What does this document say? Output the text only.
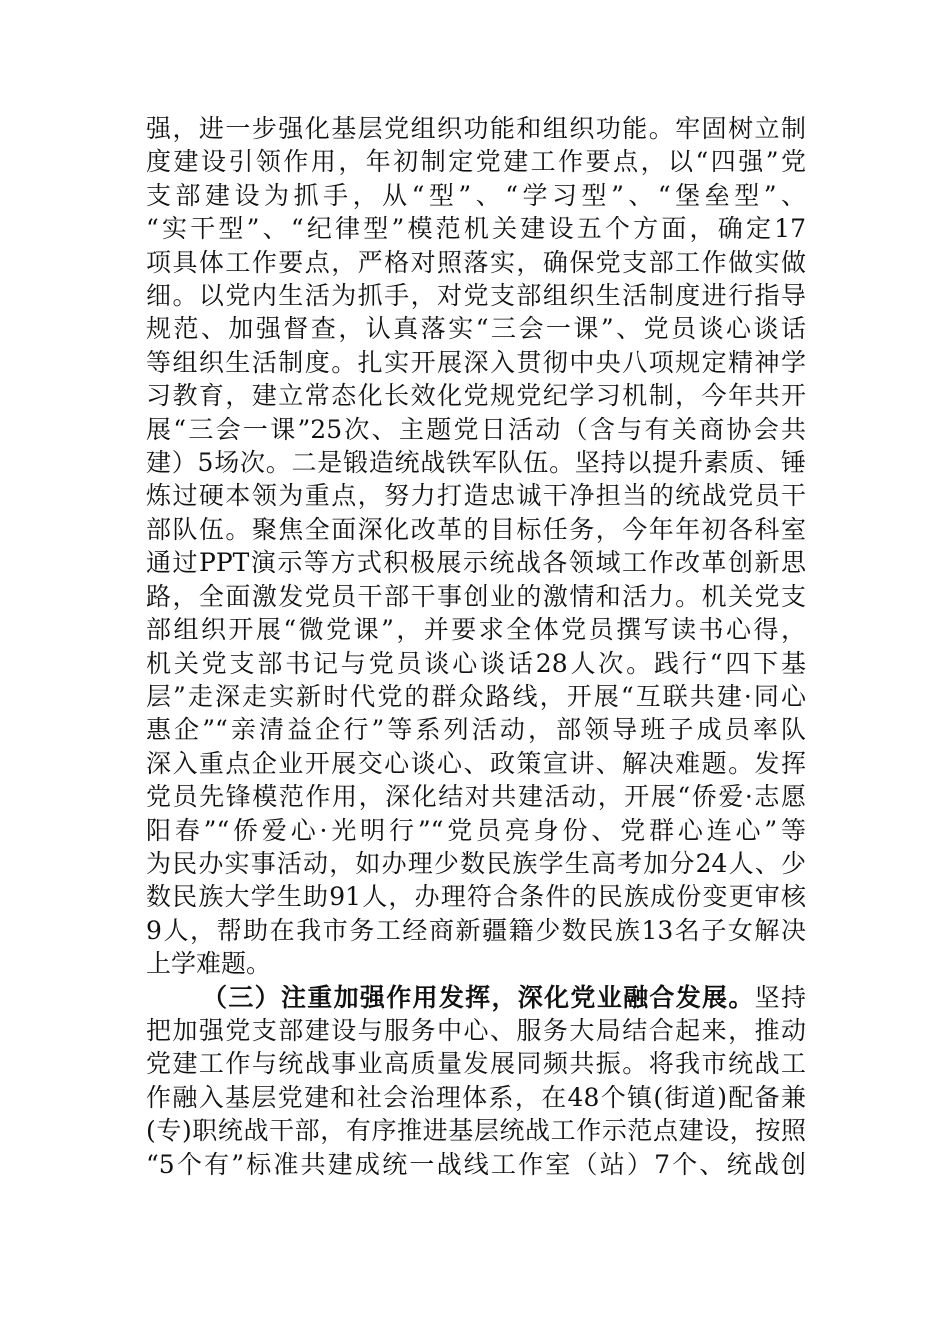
强，进一步强化基层党组织功能和组织功能。牢固树立制
度建设引领作用，年初制定党建工作要点，以“四强”党
支部建设为抓手，从“型”、“学习型”、“堡垒型”、
“实干型”、“纪律型”模范机关建设五个方面，确定17
项具体工作要点，严格对照落实，确保党支部工作做实做
细。以党内生活为抓手，对党支部组织生活制度进行指导
规范、加强督查，认真落实“三会一课”、党员谈心谈话
等组织生活制度。扎实开展深入贯彻中央八项规定精神学
习教育，建立常态化长效化党规党纪学习机制，今年共开
展“三会一课”25次、主题党日活动（含与有关商协会共
建）5场次。二是锻造统战铁军队伍。坚持以提升素质、锤
炼过硬本领为重点，努力打造忠诚干净担当的统战党员干
部队伍。聚焦全面深化改革的目标任务，今年年初各科室
通过PPT演示等方式积极展示统战各领域工作改革创新思
路，全面激发党员干部干事创业的激情和活力。机关党支
部组织开展“微党课”，并要求全体党员撰写读书心得，
机关党支部书记与党员谈心谈话28人次。践行“四下基
层”走深走实新时代党的群众路线，开展“互联共建·同心
惠企”“亲清益企行”等系列活动，部领导班子成员率队
深入重点企业开展交心谈心、政策宣讲、解决难题。发挥
党员先锋模范作用，深化结对共建活动，开展“侨爱·志愿
阳春”“侨爱心·光明行”“党员亮身份、党群心连心”等
为民办实事活动，如办理少数民族学生高考加分24人、少
数民族大学生助91人，办理符合条件的民族成份变更审核
9人，帮助在我市务工经商新疆籍少数民族13名子女解决
上学难题。
（三）注重加强作用发挥，深化党业融合发展。坚持
把加强党支部建设与服务中心、服务大局结合起来，推动
党建工作与统战事业高质量发展同频共振。将我市统战工
作融入基层党建和社会治理体系，在48个镇(街道)配备兼
(专)职统战干部，有序推进基层统战工作示范点建设，按照
“5个有”标准共建成统一战线工作室（站）7个、统战创
